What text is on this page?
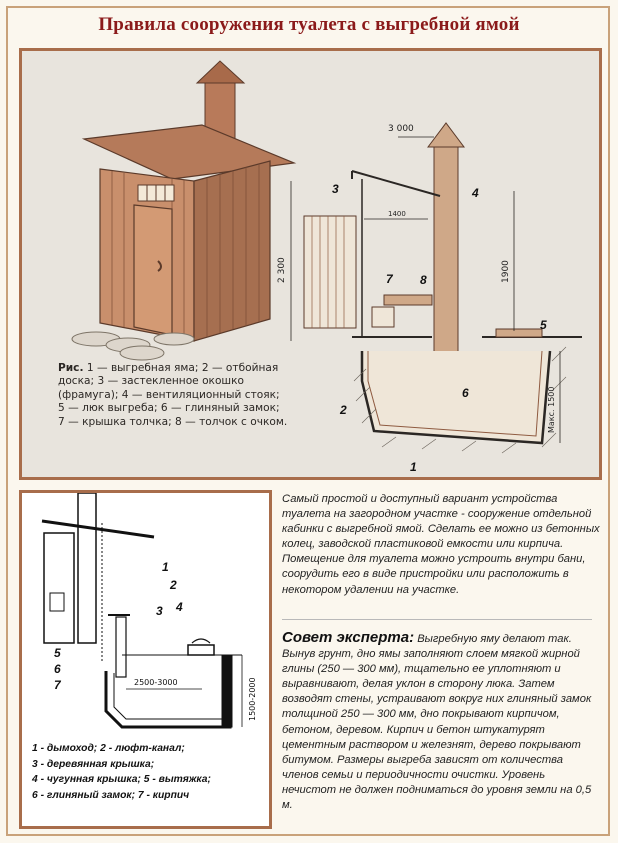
Правила сооружения туалета с выгребной ямой
3 000
1400
2 300	1900
Макс. 1500
3	4
7 8
5
6
2
1
Рис. 1 — выгребная яма; 2 — отбойная доска; 3 — застекленное окошко (фрамуга); 4 — вентиляционный стояк; 5 — люк выгреба; 6 — глиняный замок; 7 — крышка толчка; 8 — толчок с очком.
2500-3000	1500-2000
1
2
3 4
5
6
7
1 - дымоход; 2 - люфт-канал;
3 - деревянная крышка;
4 - чугунная крышка; 5 - вытяжка;
6 - глиняный замок; 7 - кирпич
Самый простой и доступный вариант устройства туалета на загородном участке - сооружение отдельной кабинки с выгребной ямой. Сделать ее можно из бетонных колец, заводской пластиковой емкости или кирпича. Помещение для туалета можно устроить внутри бани, соорудить его в виде пристройки или расположить в некотором удалении на участке.
Совет эксперта: Выгребную яму делают так. Вынув грунт, дно ямы заполняют слоем мягкой жирной глины (250 — 300 мм), тщательно ее уплотняют и выравнивают, делая уклон в сторону люка. Затем возводят стены, устраивают вокруг них глиняный замок толщиной 250 — 300 мм, дно покрывают кирпичом, бетоном, деревом. Кирпич и бетон штукатурят цементным раствором и железнят, дерево покрывают битумом. Размеры выгреба зависят от количества членов семьи и периодичности очистки. Уровень нечистот не должен подниматься до уровня земли на 0,5 м.
